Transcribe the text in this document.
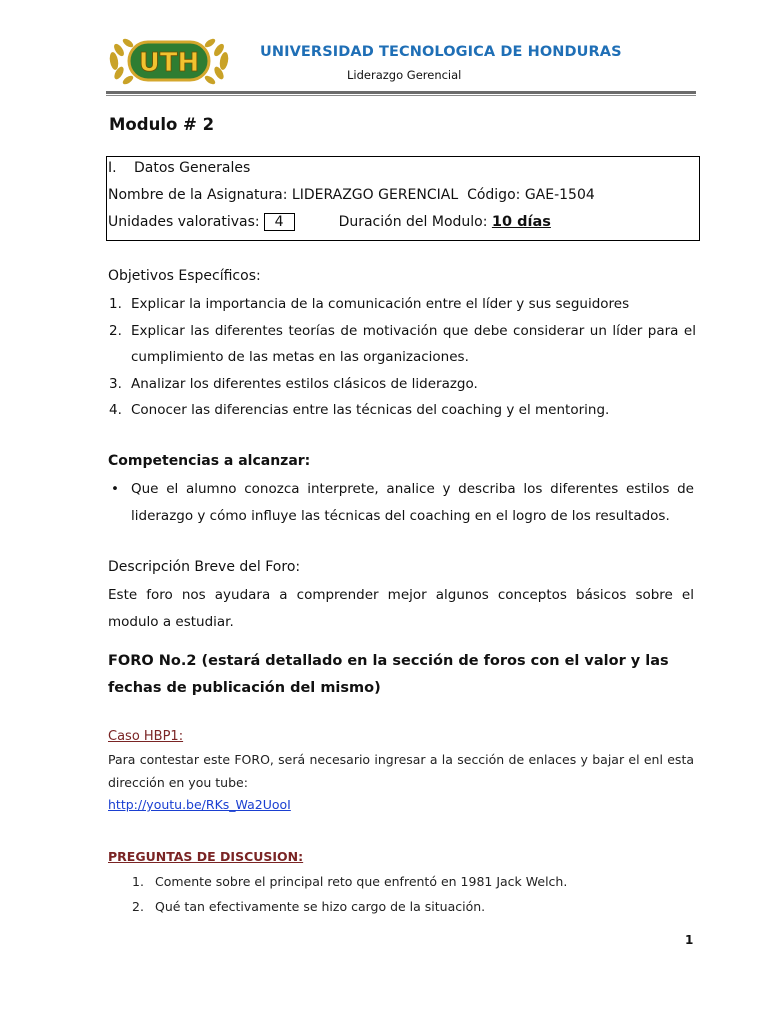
UTH	UNIVERSIDAD TECNOLOGICA DE HONDURAS
Liderazgo Gerencial
Modulo # 2
I. Datos Generales
Nombre de la Asignatura: LIDERAZGO GERENCIAL Código: GAE-1504
Unidades valorativas: 4	Duración del Modulo: 10 días
Objetivos Específicos:
1. Explicar la importancia de la comunicación entre el líder y sus seguidores
2. Explicar las diferentes teorías de motivación que debe considerar un líder para el cumplimiento de las metas en las organizaciones.
3. Analizar los diferentes estilos clásicos de liderazgo.
4. Conocer las diferencias entre las técnicas del coaching y el mentoring.
Competencias a alcanzar:
• Que el alumno conozca interprete, analice y describa los diferentes estilos de liderazgo y cómo influye las técnicas del coaching en el logro de los resultados.
Descripción Breve del Foro:
Este foro nos ayudara a comprender mejor algunos conceptos básicos sobre el modulo a estudiar.
FORO No.2 (estará detallado en la sección de foros con el valor y las fechas de publicación del mismo)
Caso HBP1:
Para contestar este FORO, será necesario ingresar a la sección de enlaces y bajar el enl esta dirección en you tube:
http://youtu.be/RKs_Wa2UooI
PREGUNTAS DE DISCUSION:
1. Comente sobre el principal reto que enfrentó en 1981 Jack Welch.
2. Qué tan efectivamente se hizo cargo de la situación.
1
